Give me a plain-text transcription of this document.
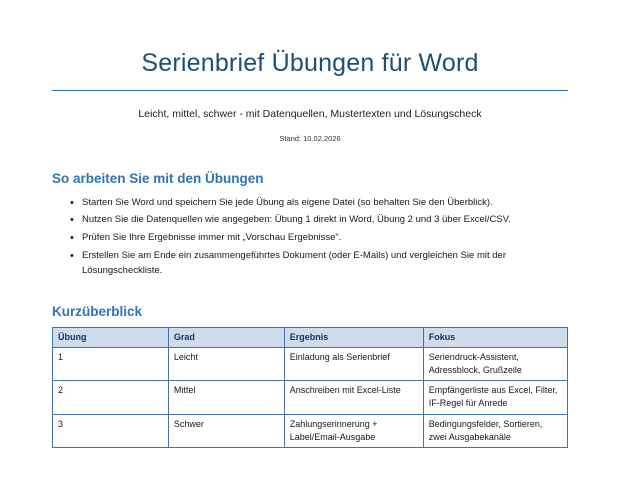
Serienbrief Übungen für Word

Leicht, mittel, schwer - mit Datenquellen, Mustertexten und Lösungscheck

Stand: 10.02.2026

So arbeiten Sie mit den Übungen
• Starten Sie Word und speichern Sie jede Übung als eigene Datei (so behalten Sie den Überblick).
• Nutzen Sie die Datenquellen wie angegeben: Übung 1 direkt in Word, Übung 2 und 3 über Excel/CSV.
• Prüfen Sie Ihre Ergebnisse immer mit „Vorschau Ergebnisse“.
• Erstellen Sie am Ende ein zusammengeführtes Dokument (oder E-Mails) und vergleichen Sie mit der Lösungscheckliste.
Kurzüberblick
Übung	Grad	Ergebnis	Fokus
1	Leicht	Einladung als Serienbrief	Seriendruck-Assistent, Adressblock, Grußzeile
2	Mittel	Anschreiben mit Excel-Liste	Empfängerliste aus Excel, Filter, IF-Regel für Anrede
3	Schwer	Zahlungserinnerung + Label/Email-Ausgabe	Bedingungsfelder, Sortieren, zwei Ausgabekanäle
